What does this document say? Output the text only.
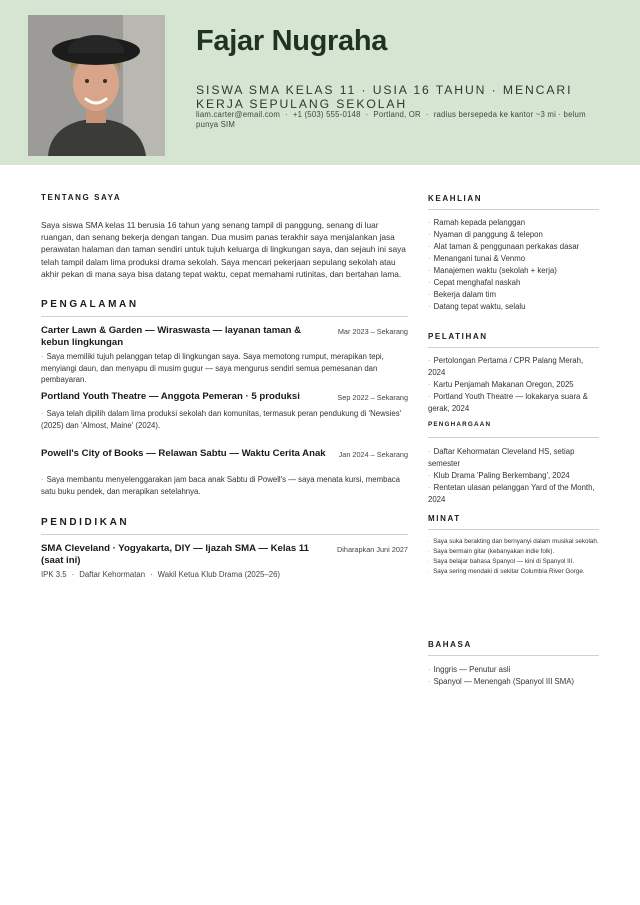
Fajar Nugraha
SISWA SMA KELAS 11 · USIA 16 TAHUN · MENCARI KERJA SEPULANG SEKOLAH
liam.carter@email.com · +1 (503) 555-0148 · Portland, OR · radius bersepeda ke kantor ~3 mi · belum punya SIM
TENTANG SAYA
Saya siswa SMA kelas 11 berusia 16 tahun yang senang tampil di panggung, senang di luar ruangan, dan senang bekerja dengan tangan. Dua musim panas terakhir saya menjalankan jasa perawatan halaman dan taman sendiri untuk tujuh keluarga di lingkungan saya, dan sejauh ini saya telah tampil dalam lima produksi drama sekolah. Saya mencari pekerjaan sepulang sekolah atau akhir pekan di mana saya bisa datang tepat waktu, cepat memahami rutinitas, dan bertahan lama.
PENGALAMAN
Carter Lawn & Garden — Wiraswasta — layanan taman & kebun lingkungan
Mar 2023 – Sekarang
· Saya memiliki tujuh pelanggan tetap di lingkungan saya. Saya memotong rumput, merapikan tepi, menyiangi daun, dan menyapu di musim gugur — saya mengurus sendiri semua pemesanan dan pembayaran.
Portland Youth Theatre — Anggota Pemeran · 5 produksi	Sep 2022 – Sekarang
· Saya telah dipilih dalam lima produksi sekolah dan komunitas, termasuk peran pendukung di 'Newsies' (2025) dan 'Almost, Maine' (2024).
Powell's City of Books — Relawan Sabtu — Waktu Cerita Anak	Jan 2024 – Sekarang
· Saya membantu menyelenggarakan jam baca anak Sabtu di Powell's — saya menata kursi, membaca satu buku pendek, dan merapikan setelahnya.
PENDIDIKAN
SMA Cleveland · Yogyakarta, DIY — Ijazah SMA — Kelas 11 (saat ini)
Diharapkan Juni 2027
IPK 3.5 · Daftar Kehormatan · Wakil Ketua Klub Drama (2025–26)
KEAHLIAN
· Ramah kepada pelanggan
· Nyaman di panggung & telepon
· Alat taman & penggunaan perkakas dasar
· Menangani tunai & Venmo
· Manajemen waktu (sekolah + kerja)
· Cepat menghafal naskah
· Bekerja dalam tim
· Datang tepat waktu, selalu
PELATIHAN
· Pertolongan Pertama / CPR Palang Merah, 2024
· Kartu Penjamah Makanan Oregon, 2025
· Portland Youth Theatre — lokakarya suara & gerak, 2024
PENGHARGAAN
· Daftar Kehormatan Cleveland HS, setiap semester
· Klub Drama 'Paling Berkembang', 2024
· Rentetan ulasan pelanggan Yard of the Month, 2024
MINAT
· Saya suka berakting dan bernyanyi dalam musikal sekolah.
· Saya bermain gitar (kebanyakan indie folk).
· Saya belajar bahasa Spanyol — kini di Spanyol III.
· Saya sering mendaki di sekitar Columbia River Gorge.
BAHASA
· Inggris — Penutur asli
· Spanyol — Menengah (Spanyol III SMA)
